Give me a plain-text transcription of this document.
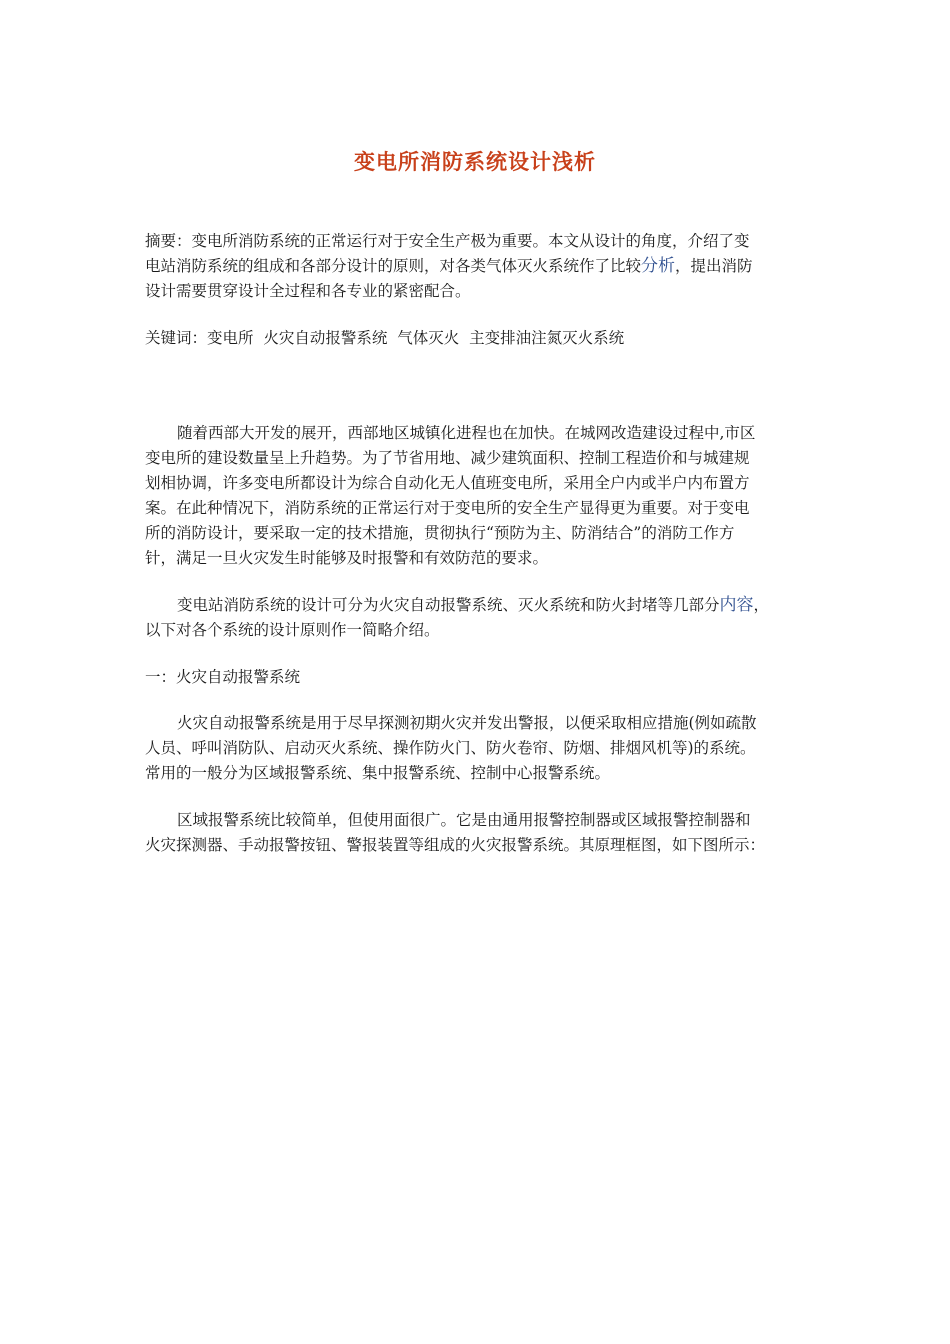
变电所消防系统设计浅析

摘要：变电所消防系统的正常运行对于安全生产极为重要。本文从设计的角度，介绍了变
电站消防系统的组成和各部分设计的原则，对各类气体灭火系统作了比较分析，提出消防
设计需要贯穿设计全过程和各专业的紧密配合。

关键词：变电所  火灾自动报警系统  气体灭火  主变排油注氮灭火系统

随着西部大开发的展开，西部地区城镇化进程也在加快。在城网改造建设过程中,市区
变电所的建设数量呈上升趋势。为了节省用地、减少建筑面积、控制工程造价和与城建规
划相协调，许多变电所都设计为综合自动化无人值班变电所，采用全户内或半户内布置方
案。在此种情况下，消防系统的正常运行对于变电所的安全生产显得更为重要。对于变电
所的消防设计，要采取一定的技术措施，贯彻执行“预防为主、防消结合”的消防工作方
针，满足一旦火灾发生时能够及时报警和有效防范的要求。

变电站消防系统的设计可分为火灾自动报警系统、灭火系统和防火封堵等几部分内容，
以下对各个系统的设计原则作一简略介绍。

一：火灾自动报警系统

火灾自动报警系统是用于尽早探测初期火灾并发出警报，以便采取相应措施(例如疏散
人员、呼叫消防队、启动灭火系统、操作防火门、防火卷帘、防烟、排烟风机等)的系统。
常用的一般分为区域报警系统、集中报警系统、控制中心报警系统。

区域报警系统比较简单，但使用面很广。它是由通用报警控制器或区域报警控制器和
火灾探测器、手动报警按钮、警报装置等组成的火灾报警系统。其原理框图，如下图所示：
